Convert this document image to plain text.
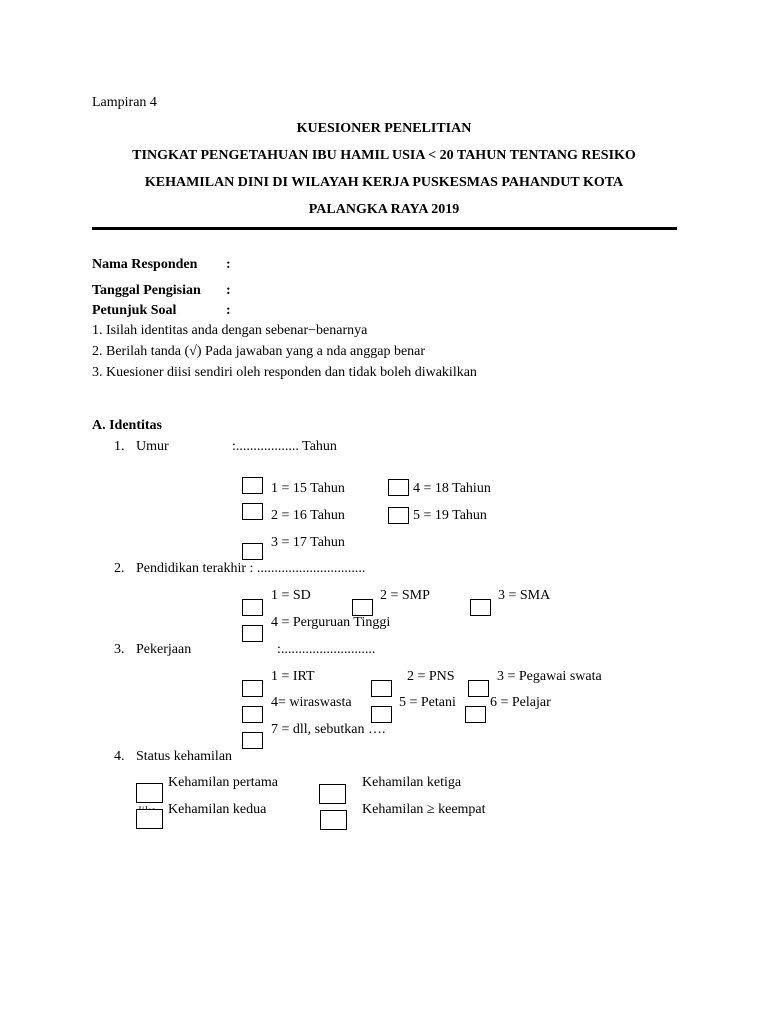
Lampiran 4
KUESIONER PENELITIAN
TINGKAT PENGETAHUAN IBU HAMIL USIA < 20 TAHUN TENTANG RESIKO
KEHAMILAN DINI DI WILAYAH KERJA PUSKESMAS PAHANDUT KOTA
PALANGKA RAYA 2019
Nama Responden :
Tanggal Pengisian :
Petunjuk Soal	:
1. Isilah identitas anda dengan sebenar−benarnya
2. Berilah tanda (√) Pada jawaban yang a nda anggap benar
3. Kuesioner diisi sendiri oleh responden dan tidak boleh diwakilkan
A. Identitas
1. Umur	:.................. Tahun
1 = 15 Tahun	4 = 18 Tahiun
2 = 16 Tahun	5 = 19 Tahun
3 = 17 Tahun
2. Pendidikan terakhir : ...............................
1 = SD	2 = SMP	3 = SMA
4 = Perguruan Tinggi
3. Pekerjaan	:...........................
1 = IRT	2 = PNS	3 = Pegawai swata
4= wiraswasta	5 = Petani 6 = Pelajar
7 = dll, sebutkan ….
4. Status kehamilan
Kehamilan pertama	Kehamilan ketiga
Kehamilan kedua	Kehamilan ≥ keempat
